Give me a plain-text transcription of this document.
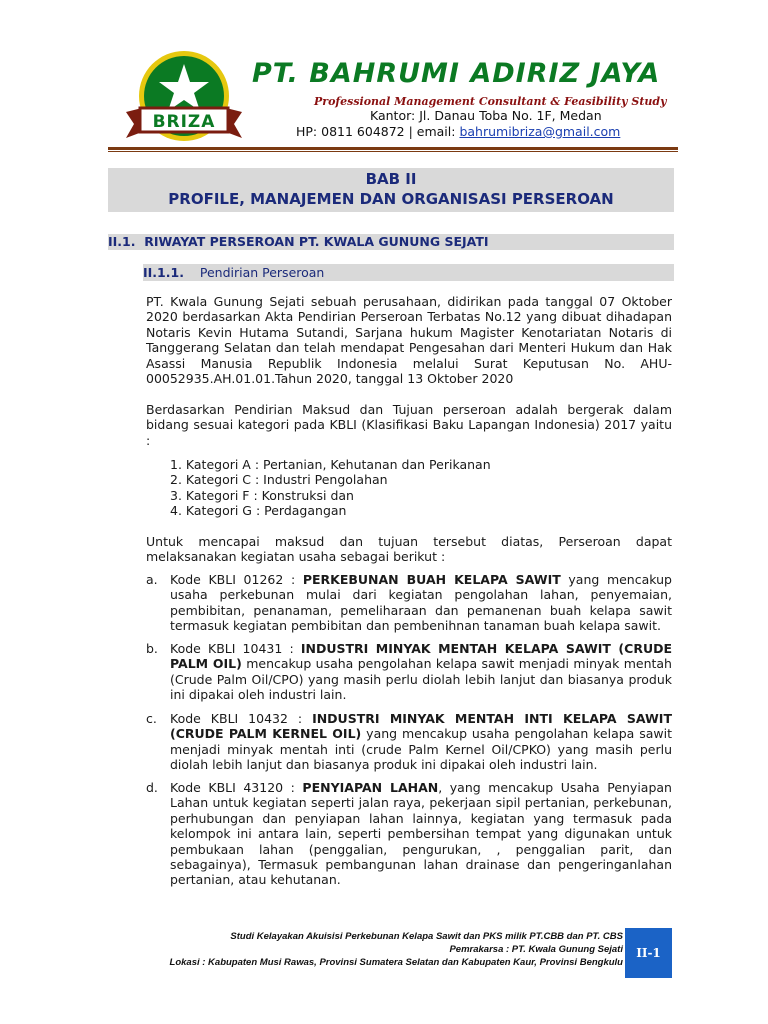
BRIZA
PT. BAHRUMI ADIRIZ JAYA
Professional Management Consultant & Feasibility Study
Kantor: Jl. Danau Toba No. 1F, Medan
HP: 0811 604872 | email: bahrumibriza@gmail.com
BAB II
PROFILE, MANAJEMEN DAN ORGANISASI PERSEROAN
II.1. RIWAYAT PERSEROAN PT. KWALA GUNUNG SEJATI
II.1.1. Pendirian Perseroan
PT. Kwala Gunung Sejati sebuah perusahaan, didirikan pada tanggal 07 Oktober 2020 berdasarkan Akta Pendirian Perseroan Terbatas No.12 yang dibuat dihadapan Notaris Kevin Hutama Sutandi, Sarjana hukum Magister Kenotariatan Notaris di Tanggerang Selatan dan telah mendapat Pengesahan dari Menteri Hukum dan Hak Asassi Manusia Republik Indonesia melalui Surat Keputusan No. AHU-00052935.AH.01.01.Tahun 2020, tanggal 13 Oktober 2020
Berdasarkan Pendirian Maksud dan Tujuan perseroan adalah bergerak dalam bidang sesuai kategori pada KBLI (Klasifikasi Baku Lapangan Indonesia) 2017 yaitu :
1. Kategori A : Pertanian, Kehutanan dan Perikanan
2. Kategori C : Industri Pengolahan
3. Kategori F : Konstruksi dan
4. Kategori G : Perdagangan
Untuk mencapai maksud dan tujuan tersebut diatas, Perseroan dapat melaksanakan kegiatan usaha sebagai berikut :
a. Kode KBLI 01262 : PERKEBUNAN BUAH KELAPA SAWIT yang mencakup usaha perkebunan mulai dari kegiatan pengolahan lahan, penyemaian, pembibitan, penanaman, pemeliharaan dan pemanenan buah kelapa sawit termasuk kegiatan pembibitan dan pembenihnan tanaman buah kelapa sawit.
b. Kode KBLI 10431 : INDUSTRI MINYAK MENTAH KELAPA SAWIT (CRUDE PALM OIL) mencakup usaha pengolahan kelapa sawit menjadi minyak mentah (Crude Palm Oil/CPO) yang masih perlu diolah lebih lanjut dan biasanya produk ini dipakai oleh industri lain.
c.	Kode KBLI 10432 : INDUSTRI MINYAK MENTAH INTI KELAPA SAWIT (CRUDE PALM KERNEL OIL) yang mencakup usaha pengolahan kelapa sawit menjadi minyak mentah inti (crude Palm Kernel Oil/CPKO) yang masih perlu diolah lebih lanjut dan biasanya produk ini dipakai oleh industri lain.
d. Kode KBLI 43120 : PENYIAPAN LAHAN, yang mencakup Usaha Penyiapan Lahan untuk kegiatan seperti jalan raya, pekerjaan sipil pertanian, perkebunan, perhubungan dan penyiapan lahan lainnya, kegiatan yang termasuk pada kelompok ini antara lain, seperti pembersihan tempat yang digunakan untuk pembukaan lahan (penggalian, pengurukan, , penggalian parit, dan sebagainya), Termasuk pembangunan lahan drainase dan pengeringanlahan pertanian, atau kehutanan.
Studi Kelayakan Akuisisi Perkebunan Kelapa Sawit dan PKS milik PT.CBB dan PT. CBS
Pemrakarsa : PT. Kwala Gunung Sejati
Lokasi : Kabupaten Musi Rawas, Provinsi Sumatera Selatan dan Kabupaten Kaur, Provinsi Bengkulu
II-1
